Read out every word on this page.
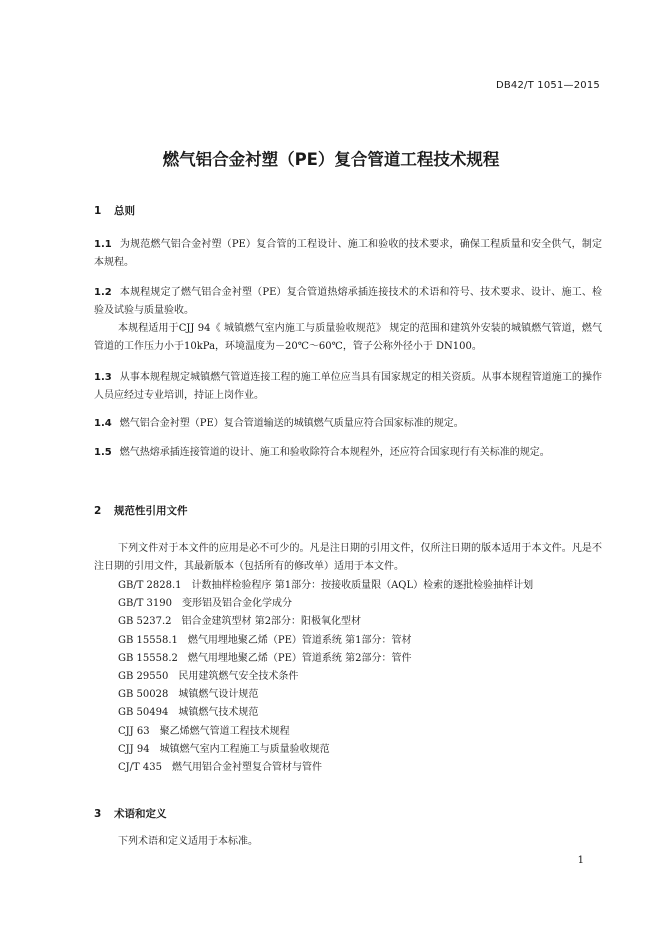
DB42/T 1051—2015
燃气铝合金衬塑（PE）复合管道工程技术规程
1 总则
1.1 为规范燃气铝合金衬塑（PE）复合管的工程设计、施工和验收的技术要求，确保工程质量和安全供气，制定本规程。
1.2 本规程规定了燃气铝合金衬塑（PE）复合管道热熔承插连接技术的术语和符号、技术要求、设计、施工、检验及试验与质量验收。
本规程适用于CJJ 94《 城镇燃气室内施工与质量验收规范》 规定的范围和建筑外安装的城镇燃气管道，燃气管道的工作压力小于10kPa，环境温度为－20℃～60℃，管子公称外径小于 DN100。
1.3 从事本规程规定城镇燃气管道连接工程的施工单位应当具有国家规定的相关资质。从事本规程管道施工的操作人员应经过专业培训，持证上岗作业。
1.4 燃气铝合金衬塑（PE）复合管道输送的城镇燃气质量应符合国家标准的规定。
1.5 燃气热熔承插连接管道的设计、施工和验收除符合本规程外，还应符合国家现行有关标准的规定。
2 规范性引用文件
下列文件对于本文件的应用是必不可少的。凡是注日期的引用文件，仅所注日期的版本适用于本文件。凡是不注日期的引用文件，其最新版本（包括所有的修改单）适用于本文件。
GB/T 2828.1 计数抽样检验程序 第1部分：按接收质量限（AQL）检索的逐批检验抽样计划
GB/T 3190 变形铝及铝合金化学成分
GB 5237.2 铝合金建筑型材 第2部分：阳极氧化型材
GB 15558.1 燃气用埋地聚乙烯（PE）管道系统 第1部分：管材
GB 15558.2 燃气用埋地聚乙烯（PE）管道系统 第2部分：管件
GB 29550 民用建筑燃气安全技术条件
GB 50028 城镇燃气设计规范
GB 50494 城镇燃气技术规范
CJJ 63 聚乙烯燃气管道工程技术规程
CJJ 94 城镇燃气室内工程施工与质量验收规范
CJ/T 435 燃气用铝合金衬塑复合管材与管件
3 术语和定义
下列术语和定义适用于本标准。
1
